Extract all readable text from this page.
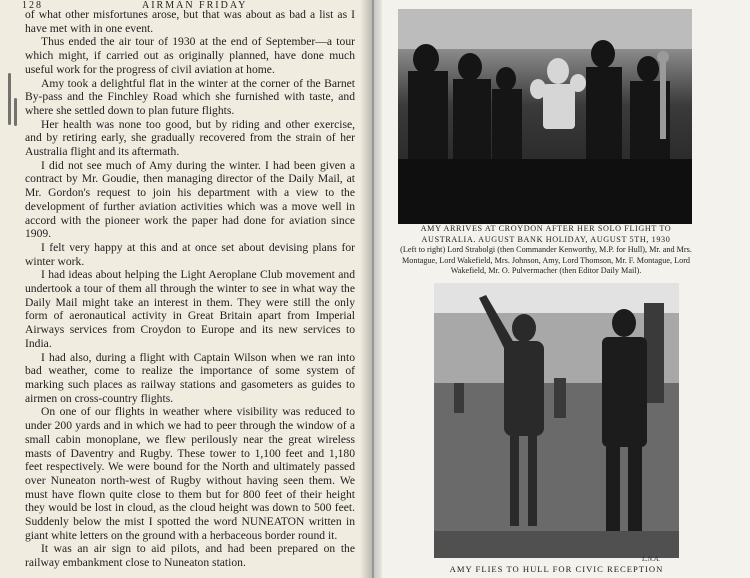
128	AIRMAN FRIDAY

of what other misfortunes arose, but that was about as bad a list as I have met with in one event.

Thus ended the air tour of 1930 at the end of September—a tour which might, if carried out as originally planned, have done much useful work for the progress of civil aviation at home.

Amy took a delightful flat in the winter at the corner of the Barnet By-pass and the Finchley Road which she furnished with taste, and where she settled down to plan future flights.

Her health was none too good, but by riding and other exercise, and by retiring early, she gradually recovered from the strain of her Australia flight and its aftermath.

I did not see much of Amy during the winter. I had been given a contract by Mr. Goudie, then managing director of the Daily Mail, at Mr. Gordon's request to join his department with a view to the development of further aviation activities which was a move well in accord with the pioneer work the paper had done for aviation since 1909.

I felt very happy at this and at once set about devising plans for winter work.

I had ideas about helping the Light Aeroplane Club movement and undertook a tour of them all through the winter to see in what way the Daily Mail might take an interest in them. They were still the only form of aeronautical activity in Great Britain apart from Imperial Airways services from Croydon to Europe and its new services to India.

I had also, during a flight with Captain Wilson when we ran into bad weather, come to realize the importance of some system of marking such places as railway stations and gasometers as guides to airmen on cross-country flights.

On one of our flights in weather where visibility was reduced to under 200 yards and in which we had to peer through the window of a small cabin monoplane, we flew perilously near the great wireless masts of Daventry and Rugby. These tower to 1,100 feet and 1,180 feet respectively. We were bound for the North and ultimately passed over Nuneaton north-west of Rugby without having seen them. We must have flown quite close to them but for 800 feet of their height they would be lost in cloud, as the cloud height was down to 500 feet. Suddenly below the mist I spotted the word NUNEATON written in giant white letters on the ground with a herbaceous border round it.

It was an air sign to aid pilots, and had been prepared on the railway embankment close to Nuneaton station.

AMY ARRIVES AT CROYDON AFTER HER SOLO FLIGHT TO AUSTRALIA. AUGUST BANK HOLIDAY, AUGUST 5TH, 1930
(Left to right) Lord Strabolgi (then Commander Kenworthy, M.P. for Hull), Mr. and Mrs. Montague, Lord Wakefield, Mrs. Johnson, Amy, Lord Thomson, Mr. F. Montague, Lord Wakefield, Mr. O. Pulvermacher (then Editor Daily Mail).
L.N.A.
AMY FLIES TO HULL FOR CIVIC RECEPTION
